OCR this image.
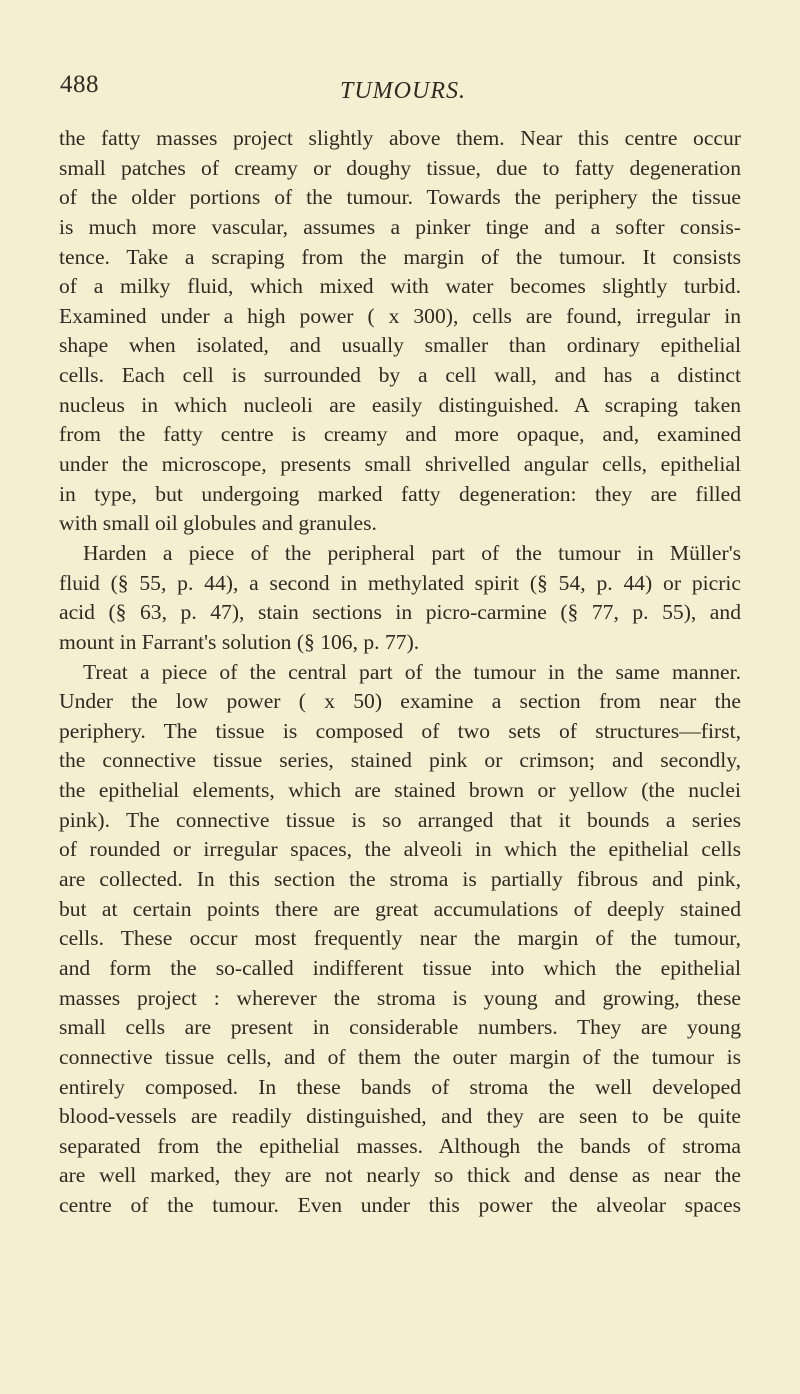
488	TUMOURS.

the fatty masses project slightly above them. Near this centre occur
small patches of creamy or doughy tissue, due to fatty degeneration
of the older portions of the tumour. Towards the periphery the tissue
is much more vascular, assumes a pinker tinge and a softer consis-
tence. Take a scraping from the margin of the tumour. It consists
of a milky fluid, which mixed with water becomes slightly turbid.
Examined under a high power ( x 300), cells are found, irregular in
shape when isolated, and usually smaller than ordinary epithelial
cells. Each cell is surrounded by a cell wall, and has a distinct
nucleus in which nucleoli are easily distinguished. A scraping taken
from the fatty centre is creamy and more opaque, and, examined
under the microscope, presents small shrivelled angular cells, epithelial
in type, but undergoing marked fatty degeneration: they are filled
with small oil globules and granules.

Harden a piece of the peripheral part of the tumour in Müller's
fluid (§ 55, p. 44), a second in methylated spirit (§ 54, p. 44) or picric
acid (§ 63, p. 47), stain sections in picro-carmine (§ 77, p. 55), and
mount in Farrant's solution (§ 106, p. 77).

Treat a piece of the central part of the tumour in the same manner.
Under the low power ( x 50) examine a section from near the
periphery. The tissue is composed of two sets of structures—first,
the connective tissue series, stained pink or crimson; and secondly,
the epithelial elements, which are stained brown or yellow (the nuclei
pink). The connective tissue is so arranged that it bounds a series
of rounded or irregular spaces, the alveoli in which the epithelial cells
are collected. In this section the stroma is partially fibrous and pink,
but at certain points there are great accumulations of deeply stained
cells. These occur most frequently near the margin of the tumour,
and form the so-called indifferent tissue into which the epithelial
masses project : wherever the stroma is young and growing, these
small cells are present in considerable numbers. They are young
connective tissue cells, and of them the outer margin of the tumour is
entirely composed. In these bands of stroma the well developed
blood-vessels are readily distinguished, and they are seen to be quite
separated from the epithelial masses. Although the bands of stroma
are well marked, they are not nearly so thick and dense as near the
centre of the tumour. Even under this power the alveolar spaces
